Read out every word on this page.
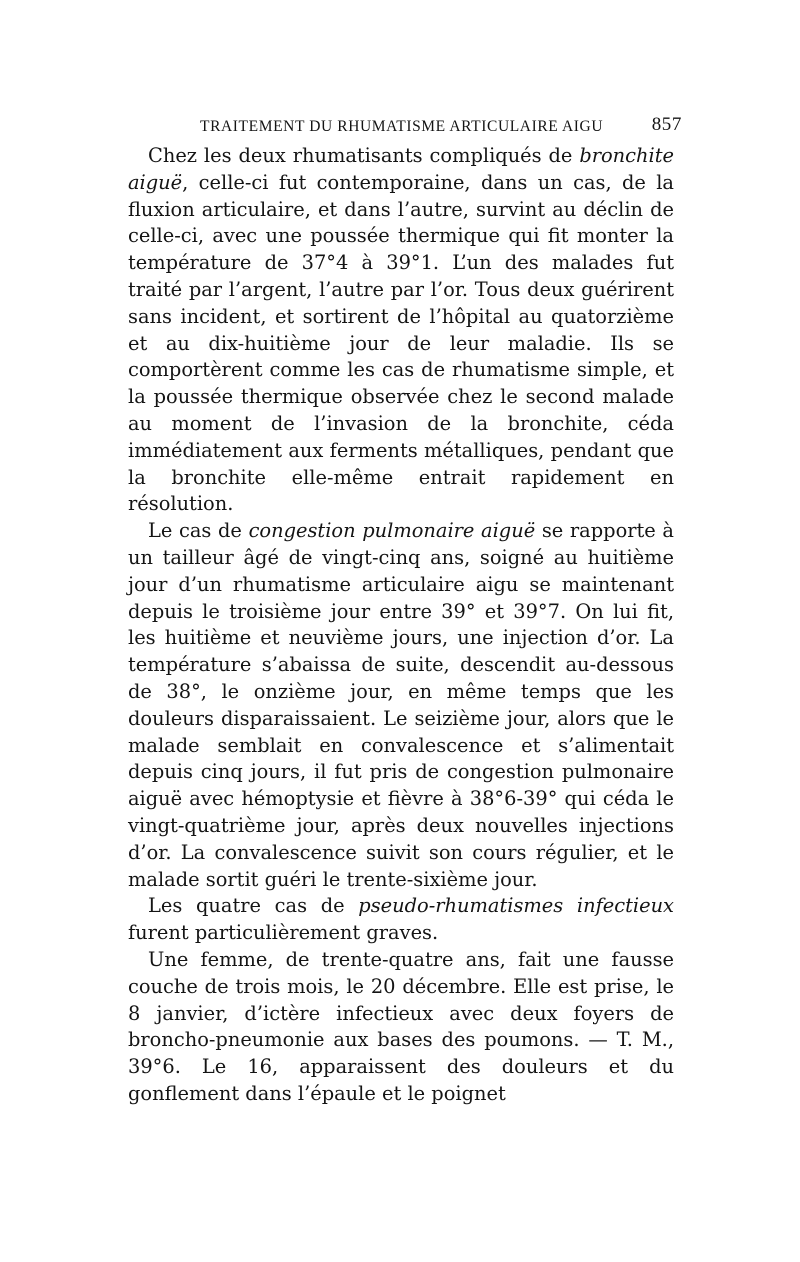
TRAITEMENT DU RHUMATISME ARTICULAIRE AIGU	857

Chez les deux rhumatisants compliqués de bronchite aiguë, celle-ci fut contemporaine, dans un cas, de la fluxion articulaire, et dans l’autre, survint au déclin de celle-ci, avec une poussée thermique qui fit monter la température de 37°4 à 39°1. L’un des malades fut traité par l’argent, l’autre par l’or. Tous deux guérirent sans incident, et sortirent de l’hôpital au quatorzième et au dix-huitième jour de leur maladie. Ils se comportèrent comme les cas de rhumatisme simple, et la poussée thermique observée chez le second malade au moment de l’invasion de la bronchite, céda immédiatement aux ferments métalliques, pendant que la bronchite elle-même entrait rapidement en résolution.

Le cas de congestion pulmonaire aiguë se rapporte à un tailleur âgé de vingt-cinq ans, soigné au huitième jour d’un rhumatisme articulaire aigu se maintenant depuis le troisième jour entre 39° et 39°7. On lui fit, les huitième et neuvième jours, une injection d’or. La température s’abaissa de suite, descendit au-dessous de 38°, le onzième jour, en même temps que les douleurs disparaissaient. Le seizième jour, alors que le malade semblait en convalescence et s’alimentait depuis cinq jours, il fut pris de congestion pulmonaire aiguë avec hémoptysie et fièvre à 38°6-39° qui céda le vingt-quatrième jour, après deux nouvelles injections d’or. La convalescence suivit son cours régulier, et le malade sortit guéri le trente-sixième jour.

Les quatre cas de pseudo-rhumatismes infectieux furent particulièrement graves.

Une femme, de trente-quatre ans, fait une fausse couche de trois mois, le 20 décembre. Elle est prise, le 8 janvier, d’ictère infectieux avec deux foyers de broncho-pneumonie aux bases des poumons. — T. M., 39°6. Le 16, apparaissent des douleurs et du gonflement dans l’épaule et le poignet
